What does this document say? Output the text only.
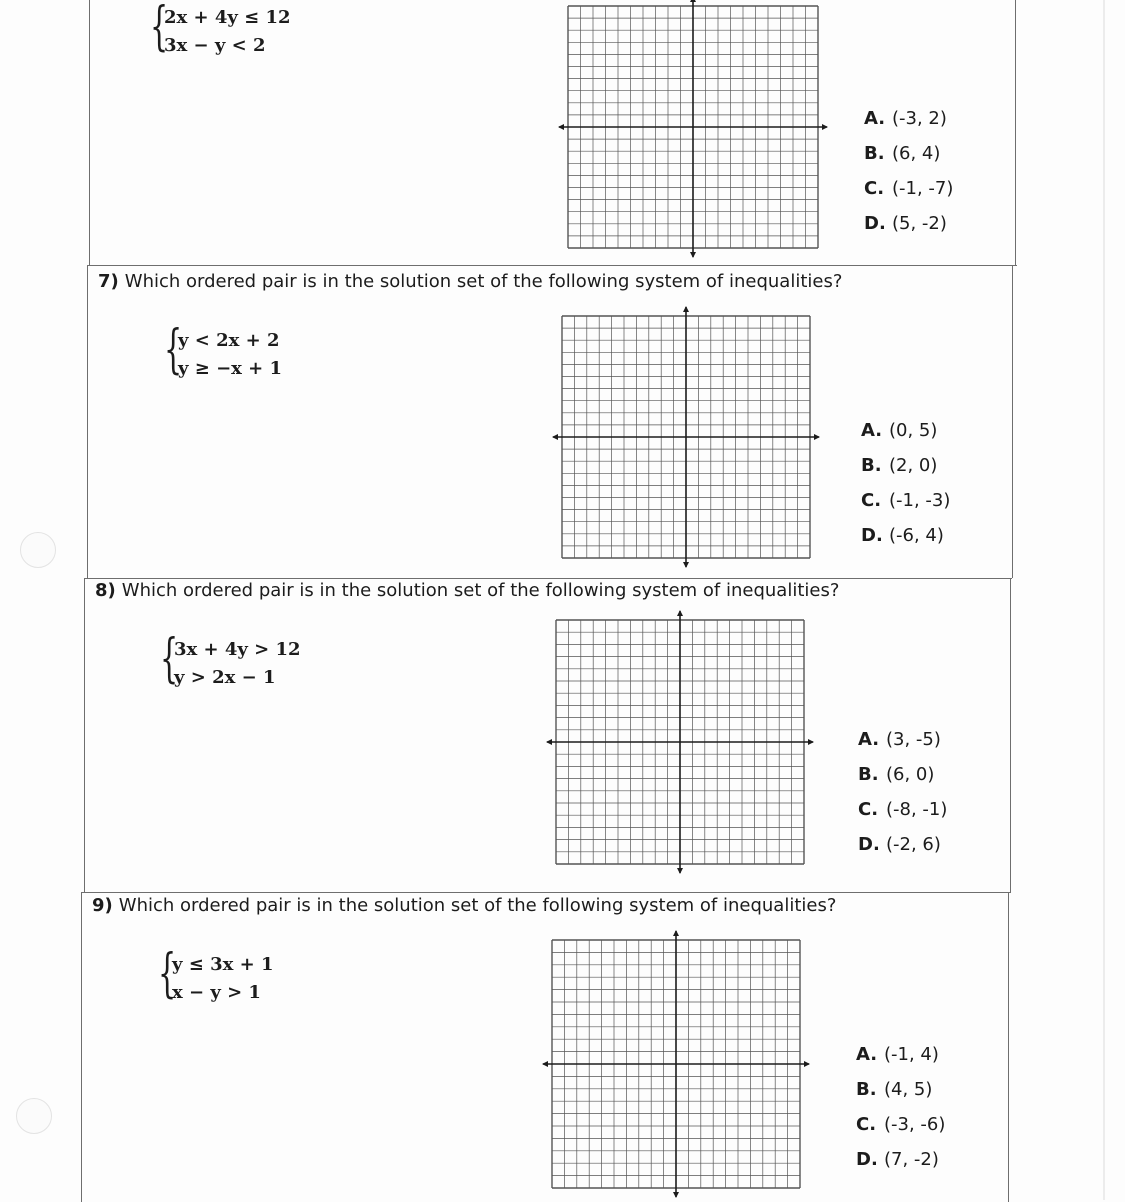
{
2x + 4y ≤ 12
3x − y < 2
A. (-3, 2)
B. (6, 4)
C. (-1, -7)
D. (5, -2)
7) Which ordered pair is in the solution set of the following system of inequalities?
{
y < 2x + 2
y ≥ −x + 1
A. (0, 5)
B. (2, 0)
C. (-1, -3)
D. (-6, 4)
8) Which ordered pair is in the solution set of the following system of inequalities?
{
3x + 4y > 12
y > 2x − 1
A. (3, -5)
B. (6, 0)
C. (-8, -1)
D. (-2, 6)
9) Which ordered pair is in the solution set of the following system of inequalities?
{
y ≤ 3x + 1
x − y > 1
A. (-1, 4)
B. (4, 5)
C. (-3, -6)
D. (7, -2)
